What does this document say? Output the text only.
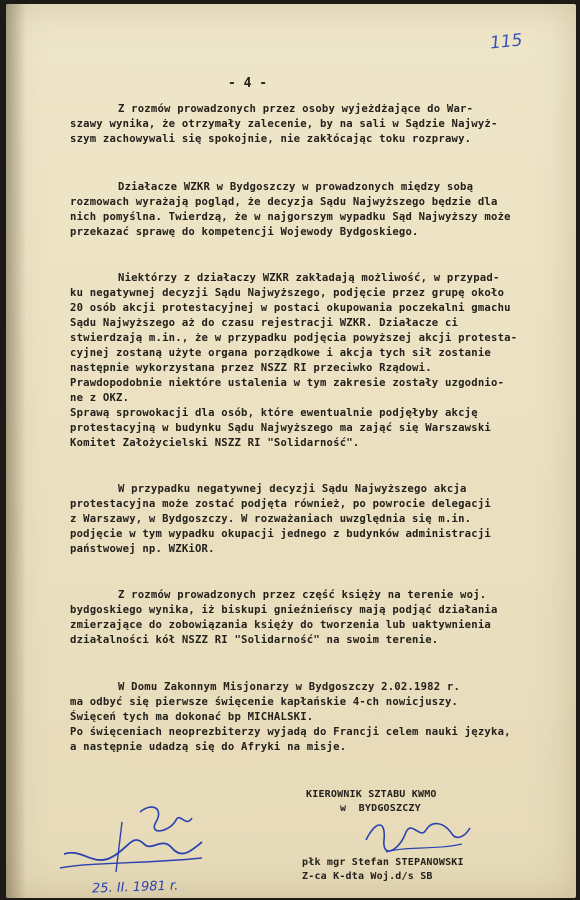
115
- 4 -
Z rozmów prowadzonych przez osoby wyjeżdżające do War-
szawy wynika, że otrzymały zalecenie, by na sali w Sądzie Najwyż-
szym zachowywali się spokojnie, nie zakłócając toku rozprawy.
Działacze WZKR w Bydgoszczy w prowadzonych między sobą
rozmowach wyrażają pogląd, że decyzja Sądu Najwyższego będzie dla
nich pomyślna. Twierdzą, że w najgorszym wypadku Sąd Najwyższy może
przekazać sprawę do kompetencji Wojewody Bydgoskiego.
Niektórzy z działaczy WZKR zakładają możliwość, w przypad-
ku negatywnej decyzji Sądu Najwyższego, podjęcie przez grupę około
20 osób akcji protestacyjnej w postaci okupowania poczekalni gmachu
Sądu Najwyższego aż do czasu rejestracji WZKR. Działacze ci
stwierdzają m.in., że w przypadku podjęcia powyższej akcji protesta-
cyjnej zostaną użyte organa porządkowe i akcja tych sił zostanie
następnie wykorzystana przez NSZZ RI przeciwko Rządowi.
Prawdopodobnie niektóre ustalenia w tym zakresie zostały uzgodnio-
ne z OKZ.
Sprawą sprowokacji dla osób, które ewentualnie podjęłyby akcję
protestacyjną w budynku Sądu Najwyższego ma zająć się Warszawski
Komitet Założycielski NSZZ RI "Solidarność".
W przypadku negatywnej decyzji Sądu Najwyższego akcja
protestacyjna może zostać podjęta również, po powrocie delegacji
z Warszawy, w Bydgoszczy. W rozważaniach uwzględnia się m.in.
podjęcie w tym wypadku okupacji jednego z budynków administracji
państwowej np. WZKiOR.
Z rozmów prowadzonych przez część księży na terenie woj.
bydgoskiego wynika, iż biskupi gnieźnieńscy mają podjąć działania
zmierzające do zobowiązania księży do tworzenia lub uaktywnienia
działalności kół NSZZ RI "Solidarność" na swoim terenie.
W Domu Zakonnym Misjonarzy w Bydgoszczy 2.02.1982 r.
ma odbyć się pierwsze święcenie kapłańskie 4-ch nowicjuszy.
Święceń tych ma dokonać bp MICHALSKI.
Po święceniach neoprezbiterzy wyjadą do Francji celem nauki języka,
a następnie udadzą się do Afryki na misje.
KIEROWNIK SZTABU KWMO
w  BYDGOSZCZY
płk mgr Stefan STEPANOWSKI
Z-ca K-dta Woj.d/s SB
25. II. 1981 r.
